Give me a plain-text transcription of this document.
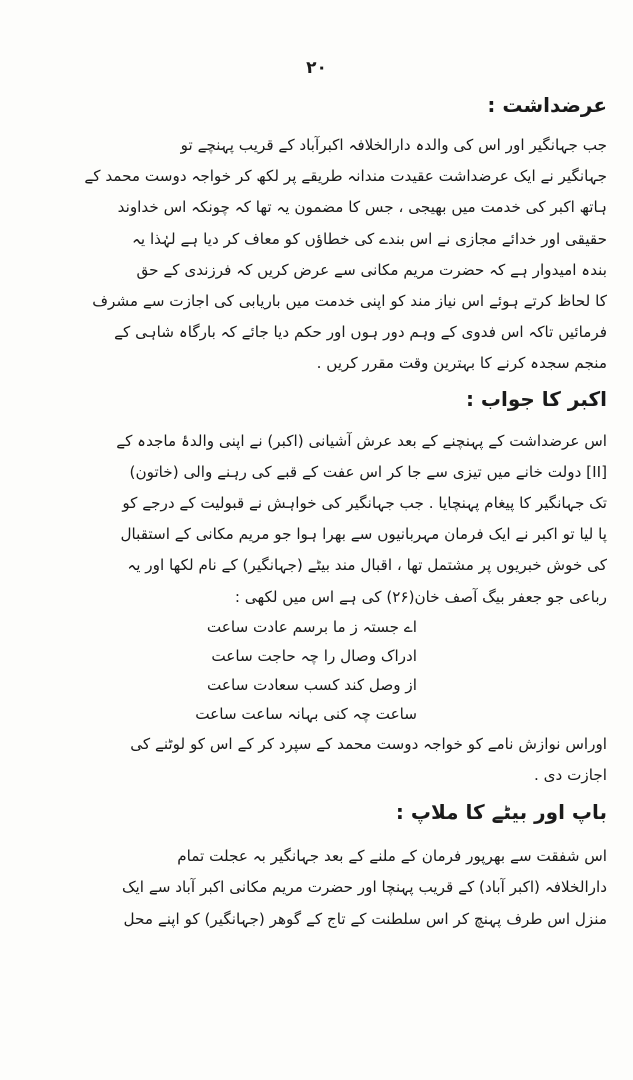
۲۰
عرضداشت :
جب جہانگیر اور اس کی والدہ دارالخلافہ اکبرآباد کے قریب پہنچے تو
جہانگیر نے ایک عرضداشت عقیدت مندانہ طریقے پر لکھ کر خواجہ دوست محمد کے
ہاتھ اکبر کی خدمت میں بھیجی ، جس کا مضمون یہ تھا کہ چونکہ اس خداوند
حقیقی اور خدائے مجازی نے اس بندے کی خطاؤں کو معاف کر دیا ہے لہٰذا یہ
بندہ امیدوار ہے کہ حضرت مریم مکانی سے عرض کریں کہ فرزندی کے حق
کا لحاظ کرتے ہوئے اس نیاز مند کو اپنی خدمت میں باریابی کی اجازت سے مشرف
فرمائیں تاکہ اس فدوی کے وہم دور ہوں اور حکم دیا جائے کہ بارگاہ شاہی کے
منجم سجدہ کرنے کا بہترین وقت مقرر کریں .
اکبر کا جواب :
اس عرضداشت کے پہنچنے کے بعد عرش آشیانی (اکبر) نے اپنی والدۂ ماجدہ کے
[II] دولت خانے میں تیزی سے جا کر اس عفت کے قبے کی رہنے والی (خاتون)
تک جہانگیر کا پیغام پہنچایا . جب جہانگیر کی خواہش نے قبولیت کے درجے کو
پا لیا تو اکبر نے ایک فرمان مہربانیوں سے بھرا ہوا جو مریم مکانی کے استقبال
کی خوش خبریوں پر مشتمل تھا ، اقبال مند بیٹے (جہانگیر) کے نام لکھا اور یہ
رباعی جو جعفر بیگ آصف خان(۲۶) کی ہے اس میں لکھی :
اے جستہ ز ما برسم عادت ساعت
ادراک وصال را چہ حاجت ساعت
از وصل کند کسب سعادت ساعت
ساعت چہ کنی بہانہ ساعت ساعت
اوراس نوازش نامے کو خواجہ دوست محمد کے سپرد کر کے اس کو لوٹنے کی
اجازت دی .
باپ اور بیٹے کا ملاپ :
اس شفقت سے بھرپور فرمان کے ملنے کے بعد جہانگیر بہ عجلت تمام
دارالخلافہ (اکبر آباد) کے قریب پہنچا اور حضرت مریم مکانی اکبر آباد سے ایک
منزل اس طرف پہنچ کر اس سلطنت کے تاج کے گوھر (جہانگیر) کو اپنے محل
